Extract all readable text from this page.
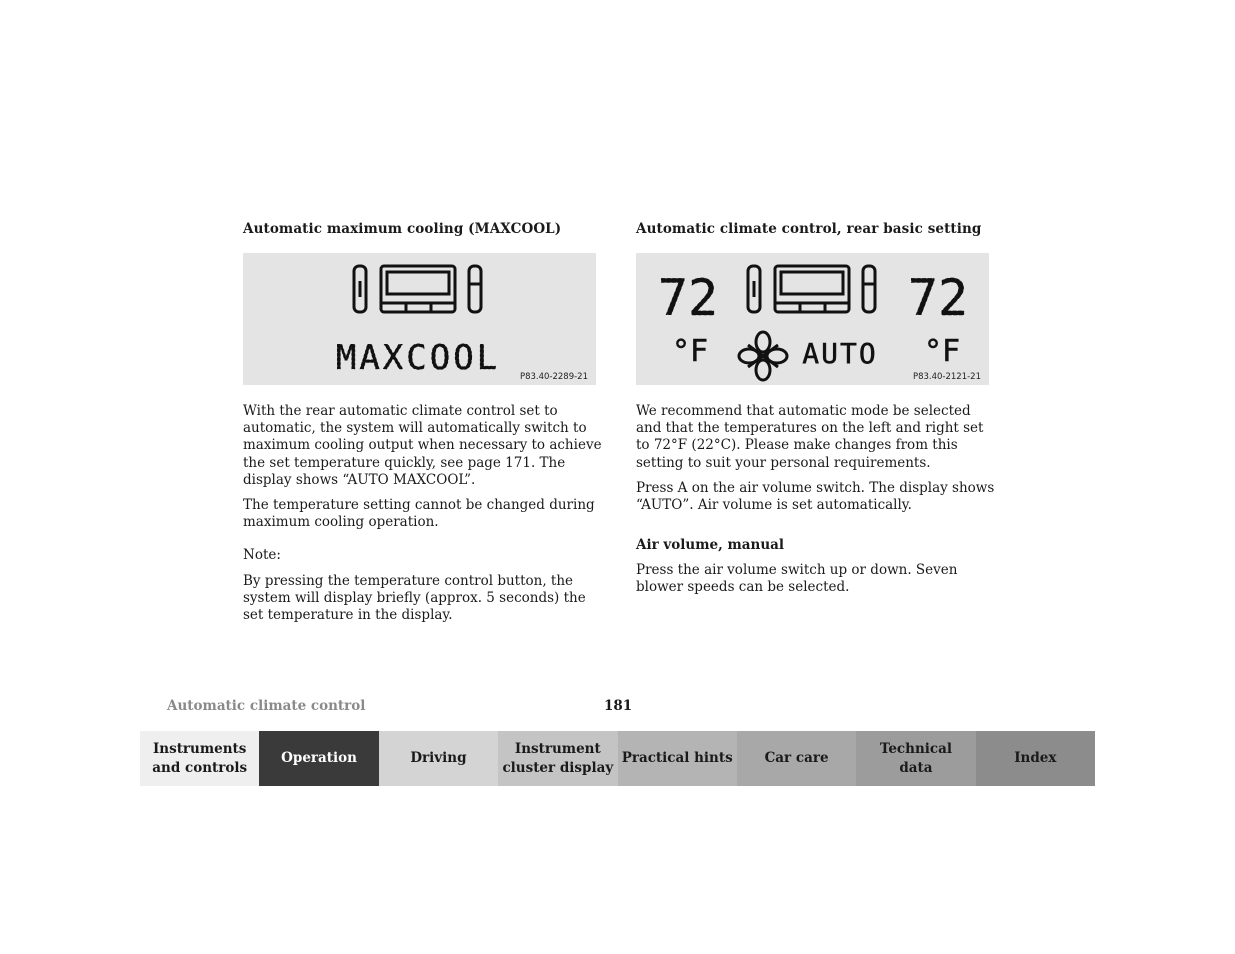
Automatic maximum cooling (MAXCOOL)
MAXCOOL P83.40-2289-21

With the rear automatic climate control set to automatic, the system will automatically switch to maximum cooling output when necessary to achieve the set temperature quickly, see page 171. The display shows “AUTO MAXCOOL”.

The temperature setting cannot be changed during maximum cooling operation.

Note:

By pressing the temperature control button, the system will display briefly (approx. 5 seconds) the set temperature in the display.

Automatic climate control, rear basic setting
72	72
°F	°F
AUTO
P83.40-2121-21

We recommend that automatic mode be selected and that the temperatures on the left and right set to 72°F (22°C). Please make changes from this setting to suit your personal requirements.

Press A on the air volume switch. The display shows “AUTO”. Air volume is set automatically.

Air volume, manual

Press the air volume switch up or down. Seven blower speeds can be selected.

Automatic climate control	181
Instruments
and controls
Operation	Driving
Instrument
cluster display
Practical hints	Car care
Technical
data
Index
